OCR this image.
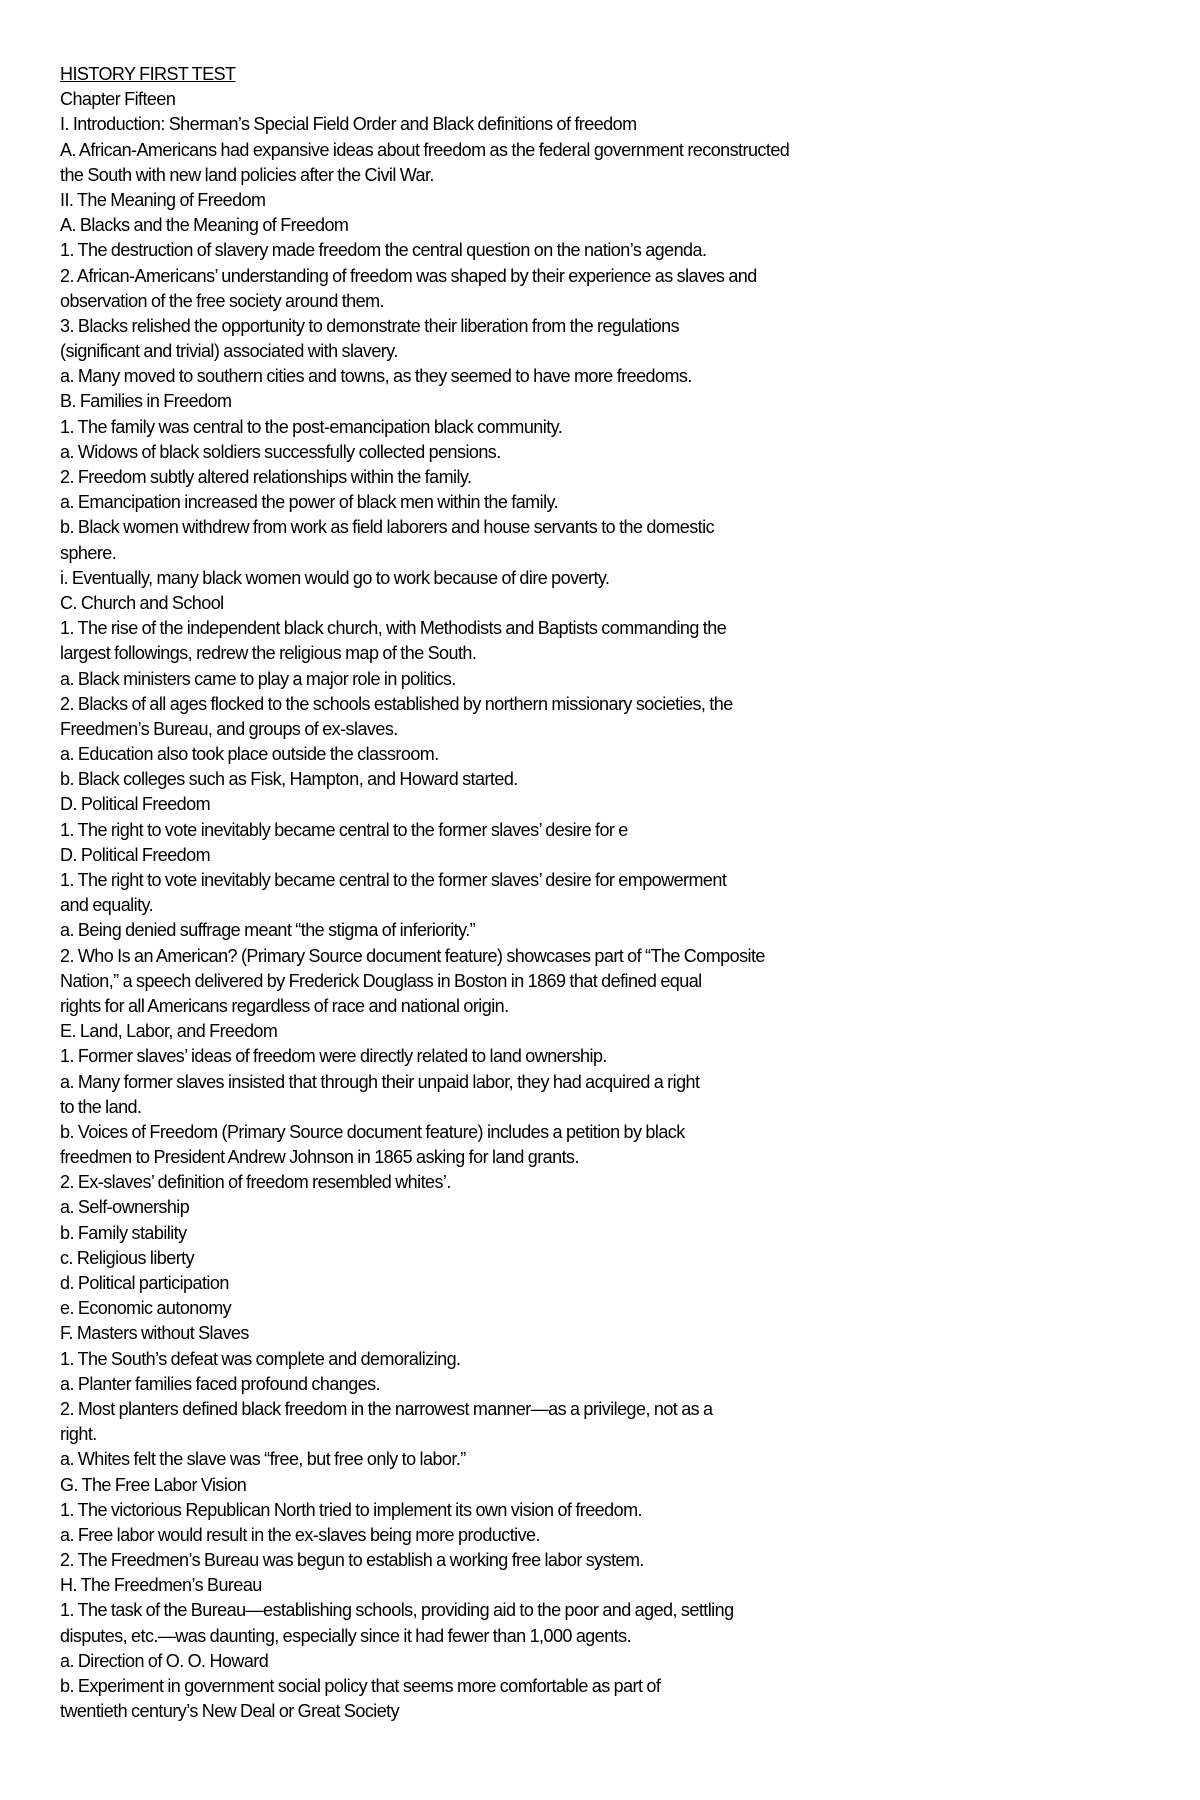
HISTORY FIRST TEST
Chapter Fifteen
I. Introduction: Sherman’s Special Field Order and Black definitions of freedom
A. African-Americans had expansive ideas about freedom as the federal government reconstructed
the South with new land policies after the Civil War.
II. The Meaning of Freedom
A. Blacks and the Meaning of Freedom
1. The destruction of slavery made freedom the central question on the nation’s agenda.
2. African-Americans’ understanding of freedom was shaped by their experience as slaves and
observation of the free society around them.
3. Blacks relished the opportunity to demonstrate their liberation from the regulations
(significant and trivial) associated with slavery.
a. Many moved to southern cities and towns, as they seemed to have more freedoms.
B. Families in Freedom
1. The family was central to the post-emancipation black community.
a. Widows of black soldiers successfully collected pensions.
2. Freedom subtly altered relationships within the family.
a. Emancipation increased the power of black men within the family.
b. Black women withdrew from work as field laborers and house servants to the domestic
sphere.
i. Eventually, many black women would go to work because of dire poverty.
C. Church and School
1. The rise of the independent black church, with Methodists and Baptists commanding the
largest followings, redrew the religious map of the South.
a. Black ministers came to play a major role in politics.
2. Blacks of all ages flocked to the schools established by northern missionary societies, the
Freedmen’s Bureau, and groups of ex-slaves.
a. Education also took place outside the classroom.
b. Black colleges such as Fisk, Hampton, and Howard started.
D. Political Freedom
1. The right to vote inevitably became central to the former slaves’ desire for e
D. Political Freedom
1. The right to vote inevitably became central to the former slaves’ desire for empowerment
and equality.
a. Being denied suffrage meant “the stigma of inferiority.”
2. Who Is an American? (Primary Source document feature) showcases part of “The Composite
Nation,” a speech delivered by Frederick Douglass in Boston in 1869 that defined equal
rights for all Americans regardless of race and national origin.
E. Land, Labor, and Freedom
1. Former slaves’ ideas of freedom were directly related to land ownership.
a. Many former slaves insisted that through their unpaid labor, they had acquired a right
to the land.
b. Voices of Freedom (Primary Source document feature) includes a petition by black
freedmen to President Andrew Johnson in 1865 asking for land grants.
2. Ex-slaves’ definition of freedom resembled whites’.
a. Self-ownership
b. Family stability
c. Religious liberty
d. Political participation
e. Economic autonomy
F. Masters without Slaves
1. The South’s defeat was complete and demoralizing.
a. Planter families faced profound changes.
2. Most planters defined black freedom in the narrowest manner—as a privilege, not as a
right.
a. Whites felt the slave was “free, but free only to labor.”
G. The Free Labor Vision
1. The victorious Republican North tried to implement its own vision of freedom.
a. Free labor would result in the ex-slaves being more productive.
2. The Freedmen’s Bureau was begun to establish a working free labor system.
H. The Freedmen’s Bureau
1. The task of the Bureau—establishing schools, providing aid to the poor and aged, settling
disputes, etc.—was daunting, especially since it had fewer than 1,000 agents.
a. Direction of O. O. Howard
b. Experiment in government social policy that seems more comfortable as part of
twentieth century’s New Deal or Great Society
